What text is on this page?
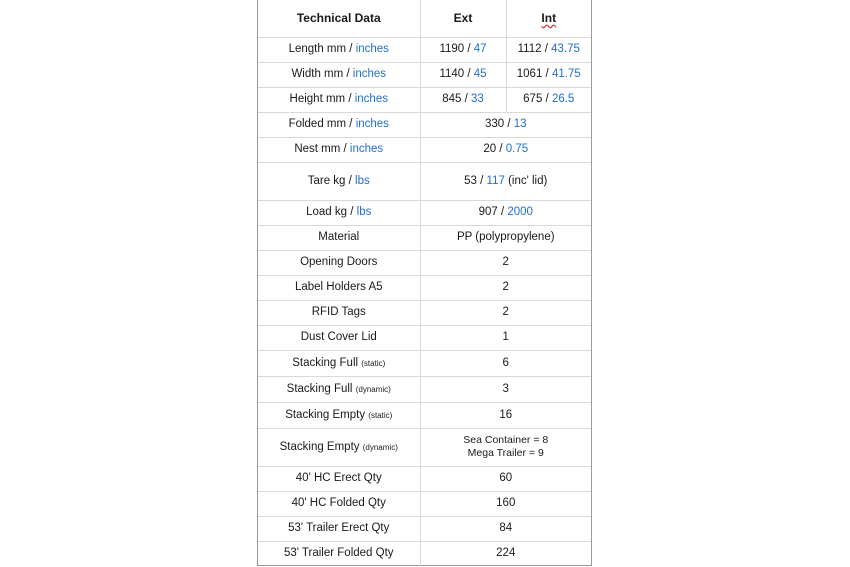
Technical Data	Ext	Int
Length mm / inches	1190 / 47	1112 / 43.75
Width mm / inches	1140 / 45	1061 / 41.75
Height mm / inches	845 / 33	675 / 26.5
Folded mm / inches	330 / 13	
Nest mm / inches	20 / 0.75	
Tare kg / lbs	53 / 117 (inc' lid)	
Load kg / lbs	907 / 2000	
Material	PP (polypropylene)	
Opening Doors	2	
Label Holders A5	2	
RFID Tags	2	
Dust Cover Lid	1	
Stacking Full (static)	6	
Stacking Full (dynamic)	3	
Stacking Empty (static)	16	
Stacking Empty (dynamic)	Sea Container = 8
Mega Trailer = 9	

40' HC Erect Qty	60	
40' HC Folded Qty	160	
53' Trailer Erect Qty	84	
53' Trailer Folded Qty	224	
